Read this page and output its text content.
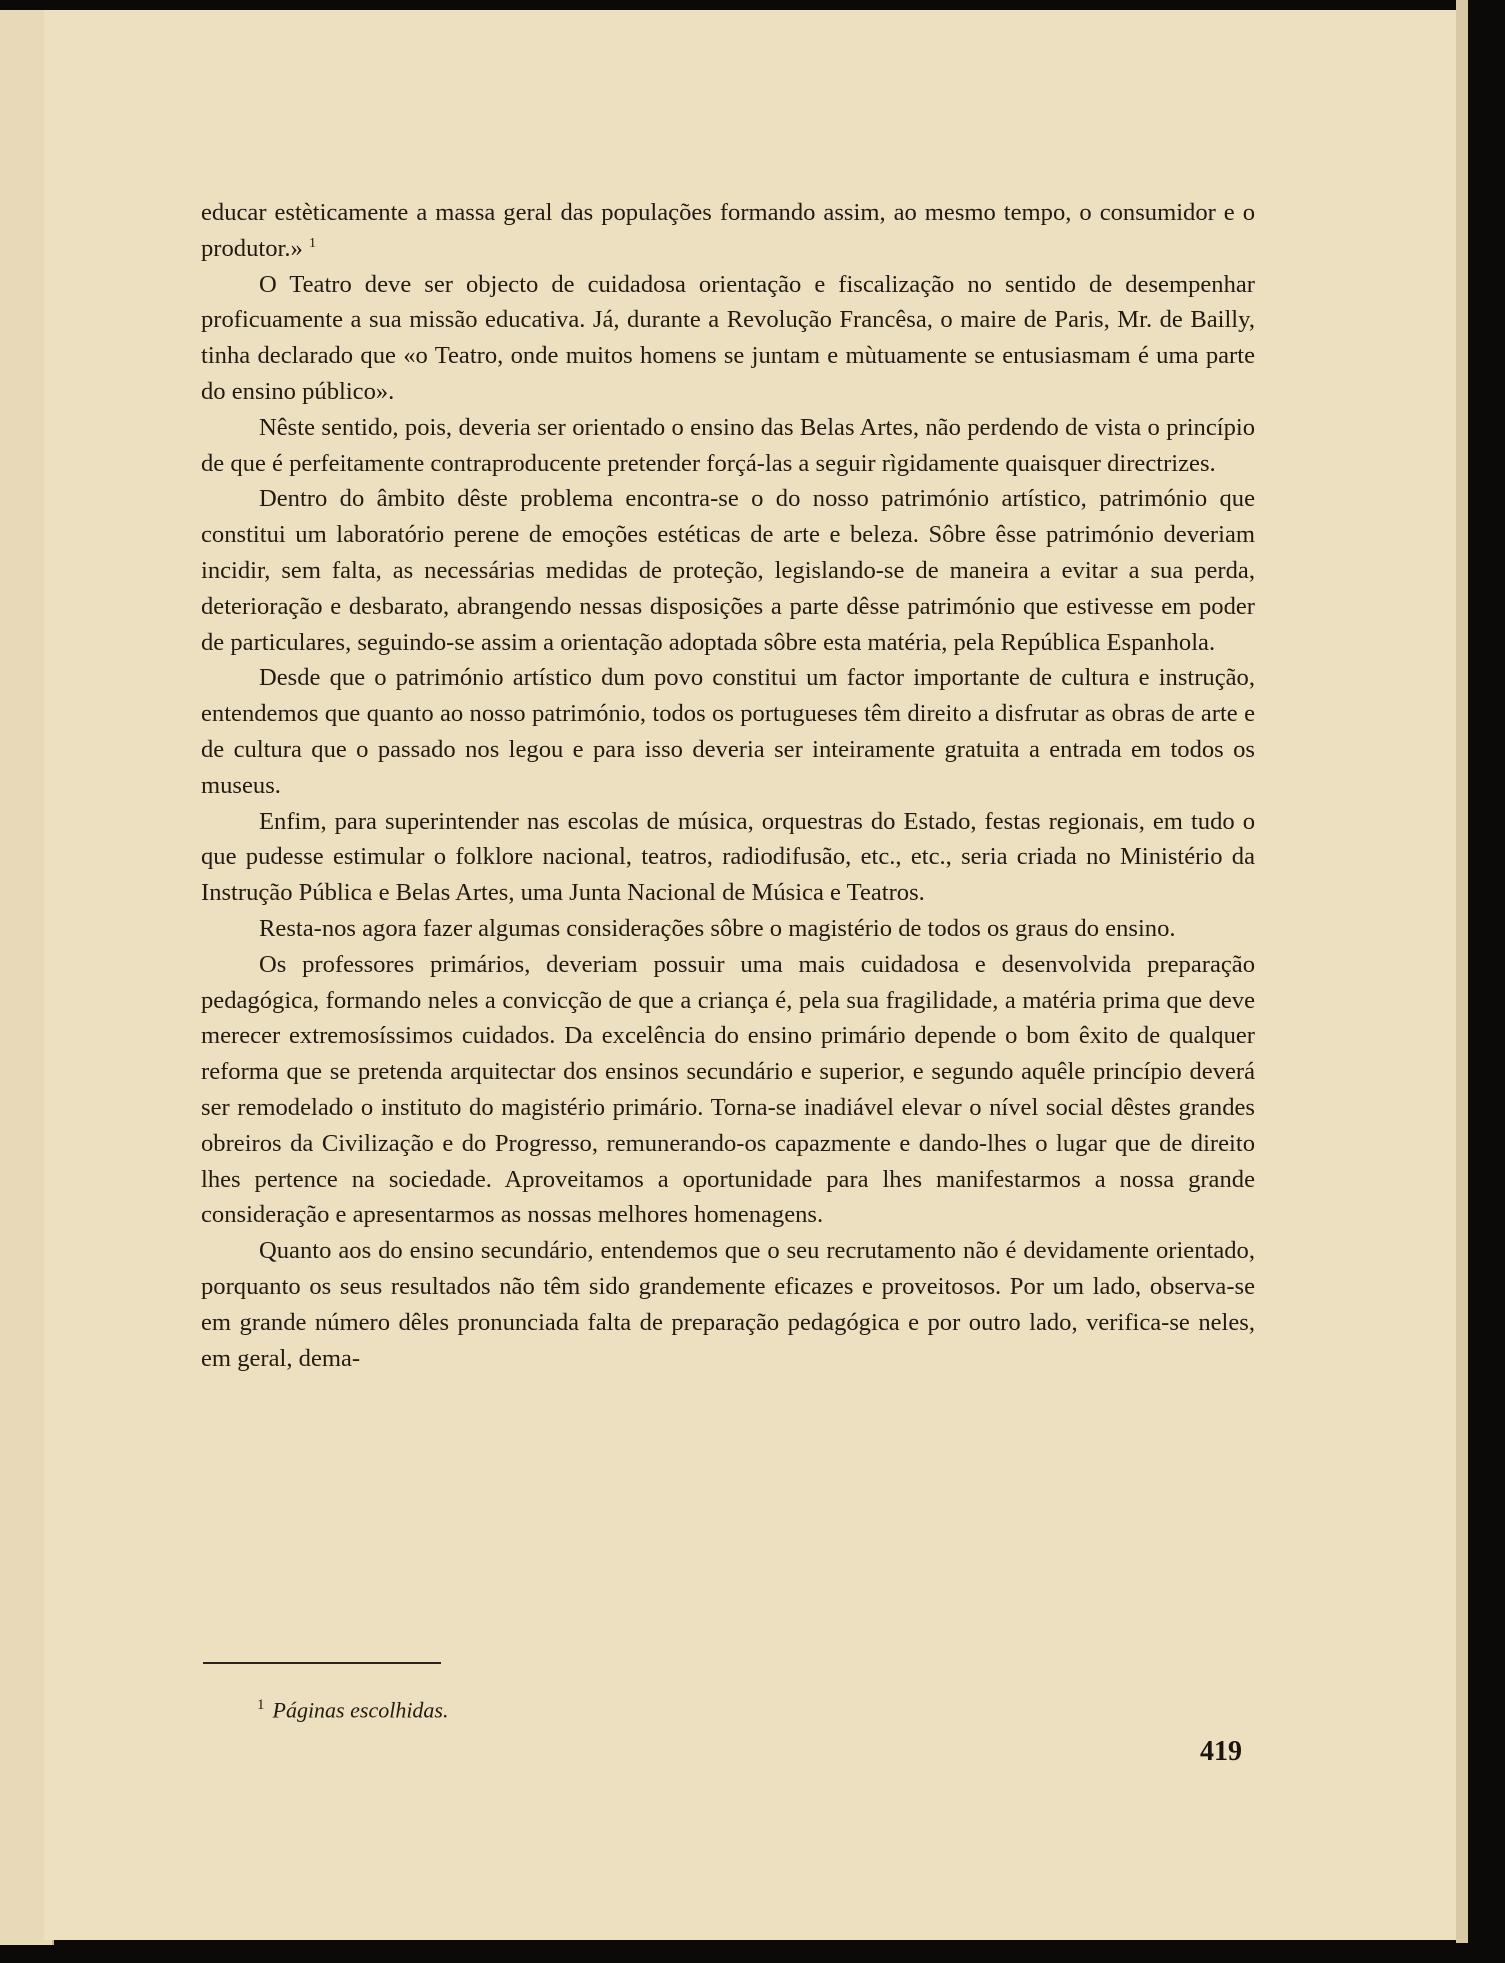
educar estèticamente a massa geral das populações formando assim, ao mesmo tempo, o consumidor e o produtor.» $^1$

O Teatro deve ser objecto de cuidadosa orientação e fiscalização no sentido de desempenhar proficuamente a sua missão educativa. Já, durante a Revolução Francêsa, o maire de Paris, Mr. de Bailly, tinha declarado que «o Teatro, onde muitos homens se juntam e mùtuamente se entusiasmam é uma parte do ensino público».

Nêste sentido, pois, deveria ser orientado o ensino das Belas Artes, não perdendo de vista o princípio de que é perfeitamente contraproducente pretender forçá-las a seguir rìgidamente quaisquer directrizes.

Dentro do âmbito dêste problema encontra-se o do nosso património artístico, património que constitui um laboratório perene de emoções estéticas de arte e beleza. Sôbre êsse património deveriam incidir, sem falta, as necessárias medidas de proteção, legislando-se de maneira a evitar a sua perda, deterioração e desbarato, abrangendo nessas disposições a parte dêsse património que estivesse em poder de particulares, seguindo-se assim a orientação adoptada sôbre esta matéria, pela República Espanhola.

Desde que o património artístico dum povo constitui um factor importante de cultura e instrução, entendemos que quanto ao nosso património, todos os portugueses têm direito a disfrutar as obras de arte e de cultura que o passado nos legou e para isso deveria ser inteiramente gratuita a entrada em todos os museus.

Enfim, para superintender nas escolas de música, orquestras do Estado, festas regionais, em tudo o que pudesse estimular o folklore nacional, teatros, radiodifusão, etc., etc., seria criada no Ministério da Instrução Pública e Belas Artes, uma Junta Nacional de Música e Teatros.

Resta-nos agora fazer algumas considerações sôbre o magistério de todos os graus do ensino.

Os professores primários, deveriam possuir uma mais cuidadosa e desenvolvida preparação pedagógica, formando neles a convicção de que a criança é, pela sua fragilidade, a matéria prima que deve merecer extremosíssimos cuidados. Da excelência do ensino primário depende o bom êxito de qualquer reforma que se pretenda arquitectar dos ensinos secundário e superior, e segundo aquêle princípio deverá ser remodelado o instituto do magistério primário. Torna-se inadiável elevar o nível social dêstes grandes obreiros da Civilização e do Progresso, remunerando-os capazmente e dando-lhes o lugar que de direito lhes pertence na sociedade. Aproveitamos a oportunidade para lhes manifestarmos a nossa grande consideração e apresentarmos as nossas melhores homenagens.

Quanto aos do ensino secundário, entendemos que o seu recrutamento não é devidamente orientado, porquanto os seus resultados não têm sido grandemente eficazes e proveitosos. Por um lado, observa-se em grande número dêles pronunciada falta de preparação pedagógica e por outro lado, verifica-se neles, em geral, dema-

$^1$ Páginas escolhidas.
419
